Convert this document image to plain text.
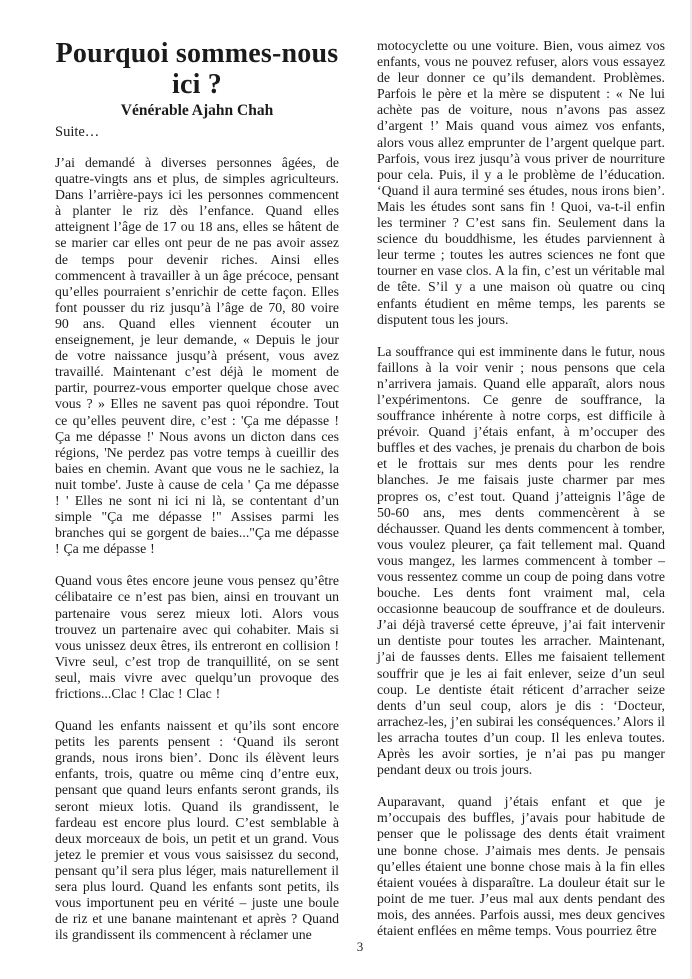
Pourquoi sommes-nous ici ?
Vénérable Ajahn Chah
Suite…

J’ai demandé à diverses personnes âgées, de quatre-vingts ans et plus, de simples agriculteurs. Dans l’arrière-pays ici les personnes commencent à planter le riz dès l’enfance. Quand elles atteignent l’âge de 17 ou 18 ans, elles se hâtent de se marier car elles ont peur de ne pas avoir assez de temps pour devenir riches. Ainsi elles commencent à travailler à un âge précoce, pensant qu’elles pourraient s’enrichir de cette façon. Elles font pousser du riz jusqu’à l’âge de 70, 80 voire 90 ans. Quand elles viennent écouter un enseignement, je leur demande, « Depuis le jour de votre naissance jusqu’à présent, vous avez travaillé. Maintenant c’est déjà le moment de partir, pourrez-vous emporter quelque chose avec vous ? » Elles ne savent pas quoi répondre. Tout ce qu’elles peuvent dire, c’est : 'Ça me dépasse ! Ça me dépasse !' Nous avons un dicton dans ces régions, 'Ne perdez pas votre temps à cueillir des baies en chemin. Avant que vous ne le sachiez, la nuit tombe'. Juste à cause de cela ' Ça me dépasse ! ' Elles ne sont ni ici ni là, se contentant d’un simple "Ça me dépasse !" Assises parmi les branches qui se gorgent de baies..."Ça me dépasse ! Ça me dépasse !

Quand vous êtes encore jeune vous pensez qu’être célibataire ce n’est pas bien, ainsi en trouvant un partenaire vous serez mieux loti. Alors vous trouvez un partenaire avec qui cohabiter. Mais si vous unissez deux êtres, ils entreront en collision ! Vivre seul, c’est trop de tranquillité, on se sent seul, mais vivre avec quelqu’un provoque des frictions...Clac ! Clac ! Clac !

Quand les enfants naissent et qu’ils sont encore petits les parents pensent : ‘Quand ils seront grands, nous irons bien’. Donc ils élèvent leurs enfants, trois, quatre ou même cinq d’entre eux, pensant que quand leurs enfants seront grands, ils seront mieux lotis. Quand ils grandissent, le fardeau est encore plus lourd. C’est semblable à deux morceaux de bois, un petit et un grand. Vous jetez le premier et vous vous saisissez du second, pensant qu’il sera plus léger, mais naturellement il sera plus lourd. Quand les enfants sont petits, ils vous importunent peu en vérité – juste une boule de riz et une banane maintenant et après ? Quand ils grandissent ils commencent à réclamer une

motocyclette ou une voiture. Bien, vous aimez vos enfants, vous ne pouvez refuser, alors vous essayez de leur donner ce qu’ils demandent. Problèmes. Parfois le père et la mère se disputent : « Ne lui achète pas de voiture, nous n’avons pas assez d’argent !’ Mais quand vous aimez vos enfants, alors vous allez emprunter de l’argent quelque part. Parfois, vous irez jusqu’à vous priver de nourriture pour cela. Puis, il y a le problème de l’éducation. ‘Quand il aura terminé ses études, nous irons bien’. Mais les études sont sans fin ! Quoi, va-t-il enfin les terminer ? C’est sans fin. Seulement dans la science du bouddhisme, les études parviennent à leur terme ; toutes les autres sciences ne font que tourner en vase clos. A la fin, c’est un véritable mal de tête. S’il y a une maison où quatre ou cinq enfants étudient en même temps, les parents se disputent tous les jours.

La souffrance qui est imminente dans le futur, nous faillons à la voir venir ; nous pensons que cela n’arrivera jamais. Quand elle apparaît, alors nous l’expérimentons. Ce genre de souffrance, la souffrance inhérente à notre corps, est difficile à prévoir. Quand j’étais enfant, à m’occuper des buffles et des vaches, je prenais du charbon de bois et le frottais sur mes dents pour les rendre blanches. Je me faisais juste charmer par mes propres os, c’est tout. Quand j’atteignis l’âge de 50-60 ans, mes dents commencèrent à se déchausser. Quand les dents commencent à tomber, vous voulez pleurer, ça fait tellement mal. Quand vous mangez, les larmes commencent à tomber – vous ressentez comme un coup de poing dans votre bouche. Les dents font vraiment mal, cela occasionne beaucoup de souffrance et de douleurs. J’ai déjà traversé cette épreuve, j’ai fait intervenir un dentiste pour toutes les arracher. Maintenant, j’ai de fausses dents. Elles me faisaient tellement souffrir que je les ai fait enlever, seize d’un seul coup. Le dentiste était réticent d’arracher seize dents d’un seul coup, alors je dis : ‘Docteur, arrachez-les, j’en subirai les conséquences.’ Alors il les arracha toutes d’un coup. Il les enleva toutes. Après les avoir sorties, je n’ai pas pu manger pendant deux ou trois jours.

Auparavant, quand j’étais enfant et que je m’occupais des buffles, j’avais pour habitude de penser que le polissage des dents était vraiment une bonne chose. J’aimais mes dents. Je pensais qu’elles étaient une bonne chose mais à la fin elles étaient vouées à disparaître. La douleur était sur le point de me tuer. J’eus mal aux dents pendant des mois, des années. Parfois aussi, mes deux gencives étaient enflées en même temps. Vous pourriez être

3
